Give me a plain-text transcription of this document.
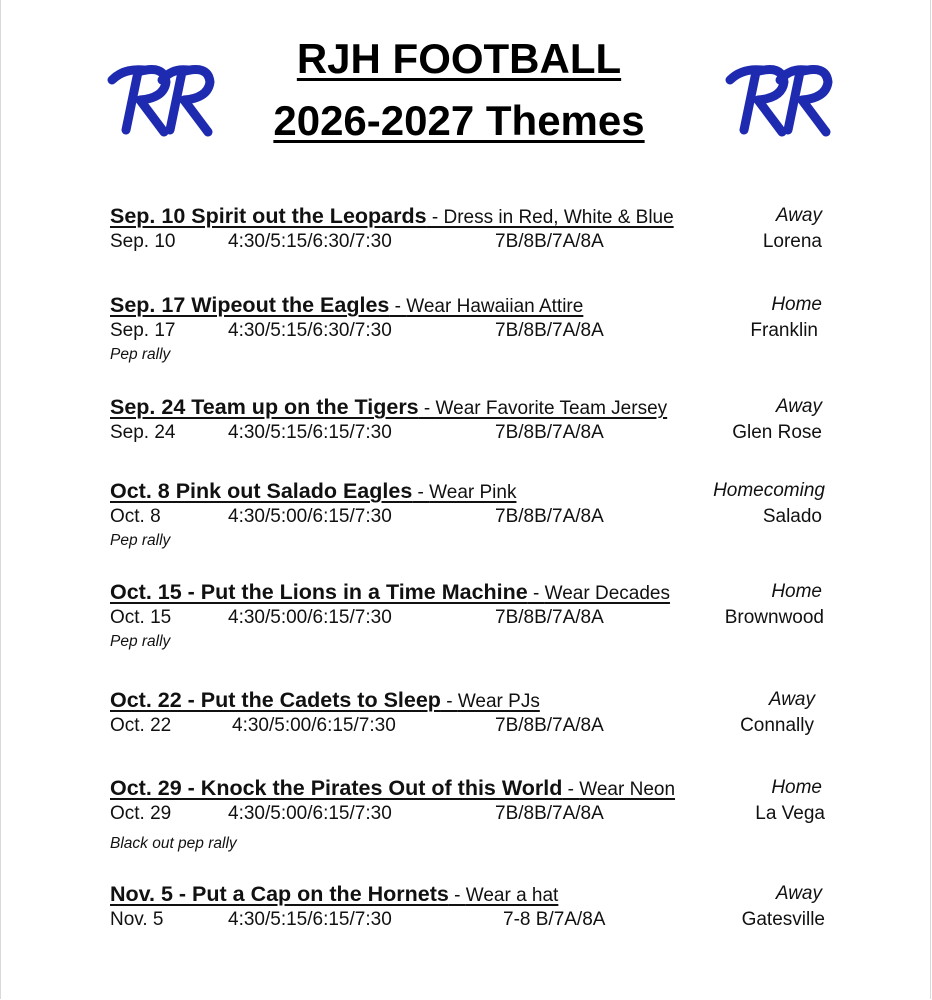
RJH FOOTBALL
2026-2027 Themes
Sep. 10 Spirit out the Leopards - Dress in Red, White & Blue	Away
Sep. 10	4:30/5:15/6:30/7:30	7B/8B/7A/8A	Lorena
Sep. 17 Wipeout the Eagles - Wear Hawaiian Attire	Home
Sep. 17	4:30/5:15/6:30/7:30	7B/8B/7A/8A	Franklin
Pep rally
Sep. 24 Team up on the Tigers - Wear Favorite Team Jersey	Away
Sep. 24	4:30/5:15/6:15/7:30	7B/8B/7A/8A	Glen Rose
Oct. 8 Pink out Salado Eagles - Wear Pink	Homecoming
Oct. 8	4:30/5:00/6:15/7:30	7B/8B/7A/8A	Salado
Pep rally
Oct. 15 - Put the Lions in a Time Machine - Wear Decades	Home
Oct. 15	4:30/5:00/6:15/7:30	7B/8B/7A/8A	Brownwood
Pep rally
Oct. 22 - Put the Cadets to Sleep - Wear PJs	Away
Oct. 22	4:30/5:00/6:15/7:30	7B/8B/7A/8A	Connally
Oct. 29 - Knock the Pirates Out of this World - Wear Neon	Home
Oct. 29	4:30/5:00/6:15/7:30	7B/8B/7A/8A	La Vega
Black out pep rally
Nov. 5 - Put a Cap on the Hornets - Wear a hat	Away
Nov. 5	4:30/5:15/6:15/7:30	7-8 B/7A/8A	Gatesville
